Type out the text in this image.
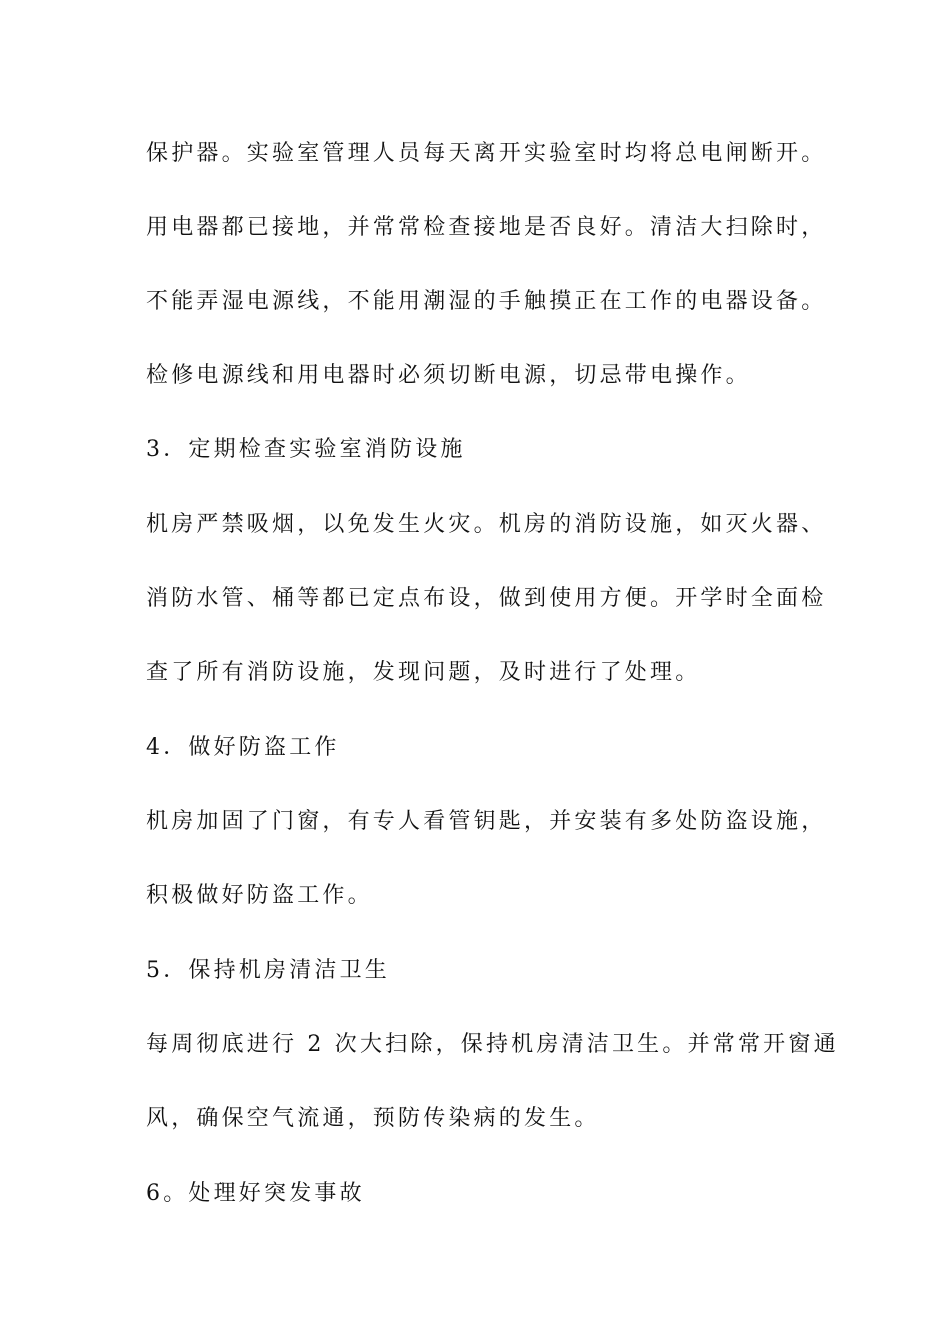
保护器。实验室管理人员每天离开实验室时均将总电闸断开。

用电器都已接地，并常常检查接地是否良好。清洁大扫除时，

不能弄湿电源线，不能用潮湿的手触摸正在工作的电器设备。

检修电源线和用电器时必须切断电源，切忌带电操作。

3．定期检查实验室消防设施

机房严禁吸烟，以免发生火灾。机房的消防设施，如灭火器、

消防水管、桶等都已定点布设，做到使用方便。开学时全面检

查了所有消防设施，发现问题，及时进行了处理。

4．做好防盗工作

机房加固了门窗，有专人看管钥匙，并安装有多处防盗设施，

积极做好防盗工作。

5．保持机房清洁卫生

每周彻底进行 2 次大扫除，保持机房清洁卫生。并常常开窗通

风，确保空气流通，预防传染病的发生。

6。处理好突发事故
